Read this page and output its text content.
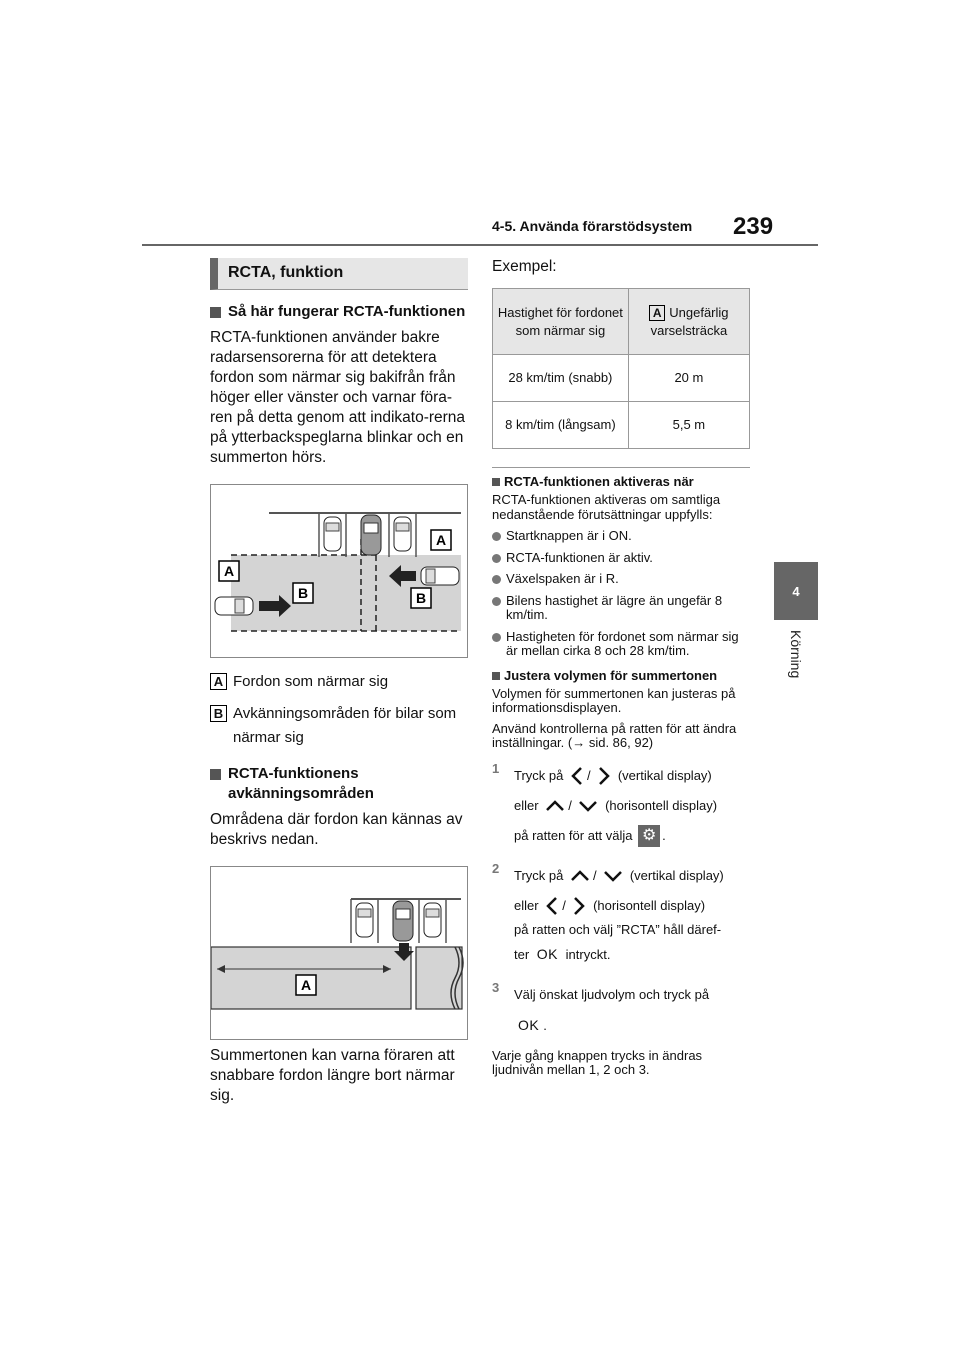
4-5. Använda förarstödsystem 239
4
Körning
RCTA, funktion
Så här fungerar RCTA-funktionen
RCTA-funktionen använder bakre radarsensorerna för att detektera fordon som närmar sig bakifrån från höger eller vänster och varnar föra-ren på detta genom att indikato-rerna på ytterbackspeglarna blinkar och en summerton hörs.
A
A
B	B
A Fordon som närmar sig
B Avkänningsområden för bilar som närmar sig
RCTA-funktionens avkänningsområden
Områdena där fordon kan kännas av beskrivs nedan.
A
Summertonen kan varna föraren att snabbare fordon längre bort närmar sig.
Exempel:
Hastighet för fordonet som närmar sig	A Ungefärlig varselsträcka
28 km/tim (snabb)	20 m
8 km/tim (långsam)	5,5 m
RCTA-funktionen aktiveras när
RCTA-funktionen aktiveras om samtliga nedanstående förutsättningar uppfylls:
Startknappen är i ON.
RCTA-funktionen är aktiv.
Växelspaken är i R.
Bilens hastighet är lägre än ungefär 8 km/tim.
Hastigheten för fordonet som närmar sig är mellan cirka 8 och 28 km/tim.
Justera volymen för summertonen
Volymen för summertonen kan justeras på informationsdisplayen.
Använd kontrollerna på ratten för att ändra inställningar. (→ sid. 86, 92)
1	Tryck på /  (vertikal display)
eller /  (horisontell display)
på ratten för att välja ⚙ .
2	Tryck på /  (vertikal display)
eller /  (horisontell display)
på ratten och välj ”RCTA” håll däref-
ter OK intryckt.
3	Välj önskat ljudvolym och tryck på
OK .
Varje gång knappen trycks in ändras ljudnivån mellan 1, 2 och 3.
